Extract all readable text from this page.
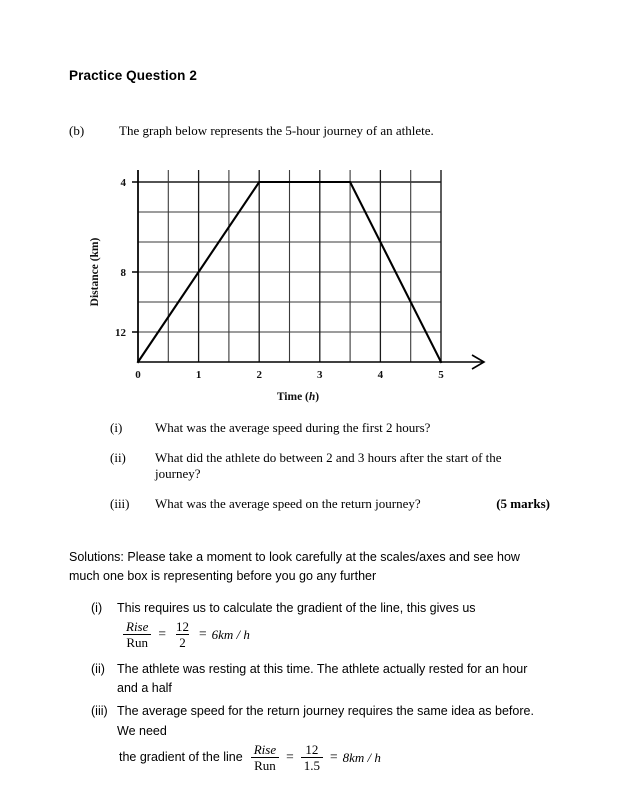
Practice Question 2
(b)	The graph below represents the 5-hour journey of an athlete.
12
8
4
0	1	2	3	4	5
Time (h)
Distance (km)
(i)	What was the average speed during the first 2 hours?
(ii)	What did the athlete do between 2 and 3 hours after the start of the journey?
(iii)	What was the average speed on the return journey?	(5 marks)
Solutions: Please take a moment to look carefully at the scales/axes and see how much one box is representing before you go any further
(i)	This requires us to calculate the gradient of the line, this gives us
$\frac{\text{Rise}}{\text{Run}} = \frac{12}{2} = 6km / h$
(ii) The athlete was resting at this time. The athlete actually rested for an hour and a half
(iii) The average speed for the return journey requires the same idea as before. We need
the gradient of the line $\frac{\text{Rise}}{\text{Run}} = \frac{12}{1.5} = 8km / h$
